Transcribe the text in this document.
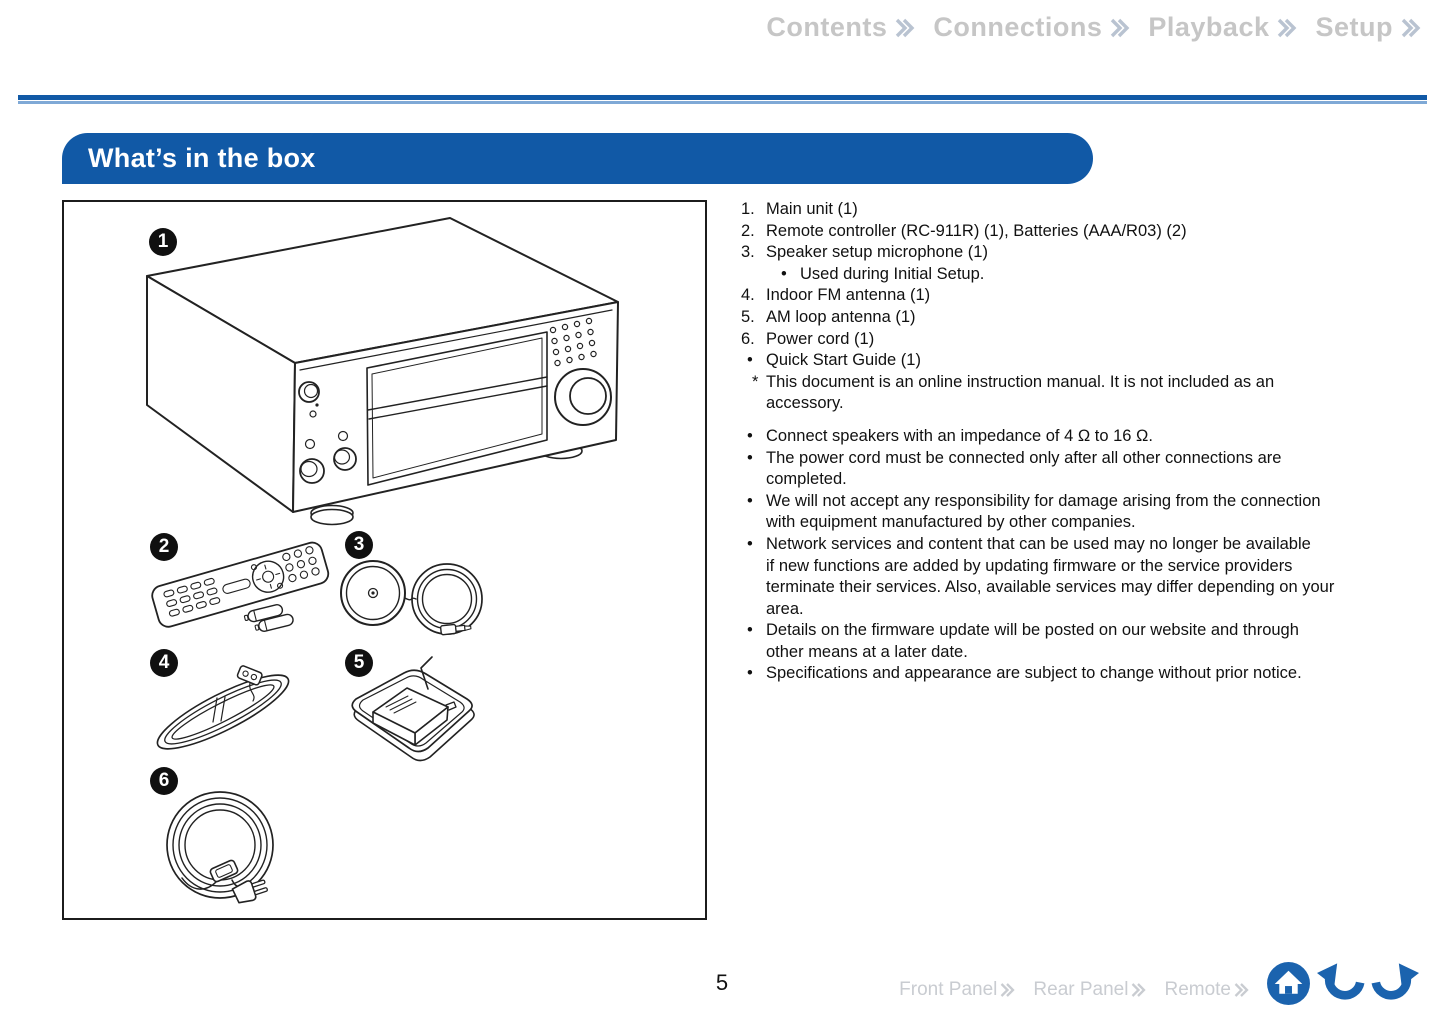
Contents Connections Playback Setup
What’s in the box
1
2	3
4	5
6
1. Main unit (1)
2. Remote controller (RC-911R) (1), Batteries (AAA/R03) (2)
3. Speaker setup microphone (1)
• Used during Initial Setup.
4. Indoor FM antenna (1)
5. AM loop antenna (1)
6. Power cord (1)
• Quick Start Guide (1)
* This document is an online instruction manual. It is not included as an
accessory.
• Connect speakers with an impedance of 4 Ω to 16 Ω.
• The power cord must be connected only after all other connections are
completed.
• We will not accept any responsibility for damage arising from the connection
with equipment manufactured by other companies.
• Network services and content that can be used may no longer be available
if new functions are added by updating firmware or the service providers
terminate their services. Also, available services may differ depending on your
area.
• Details on the firmware update will be posted on our website and through
other means at a later date.
• Specifications and appearance are subject to change without prior notice.
5	Front Panel Rear Panel Remote
